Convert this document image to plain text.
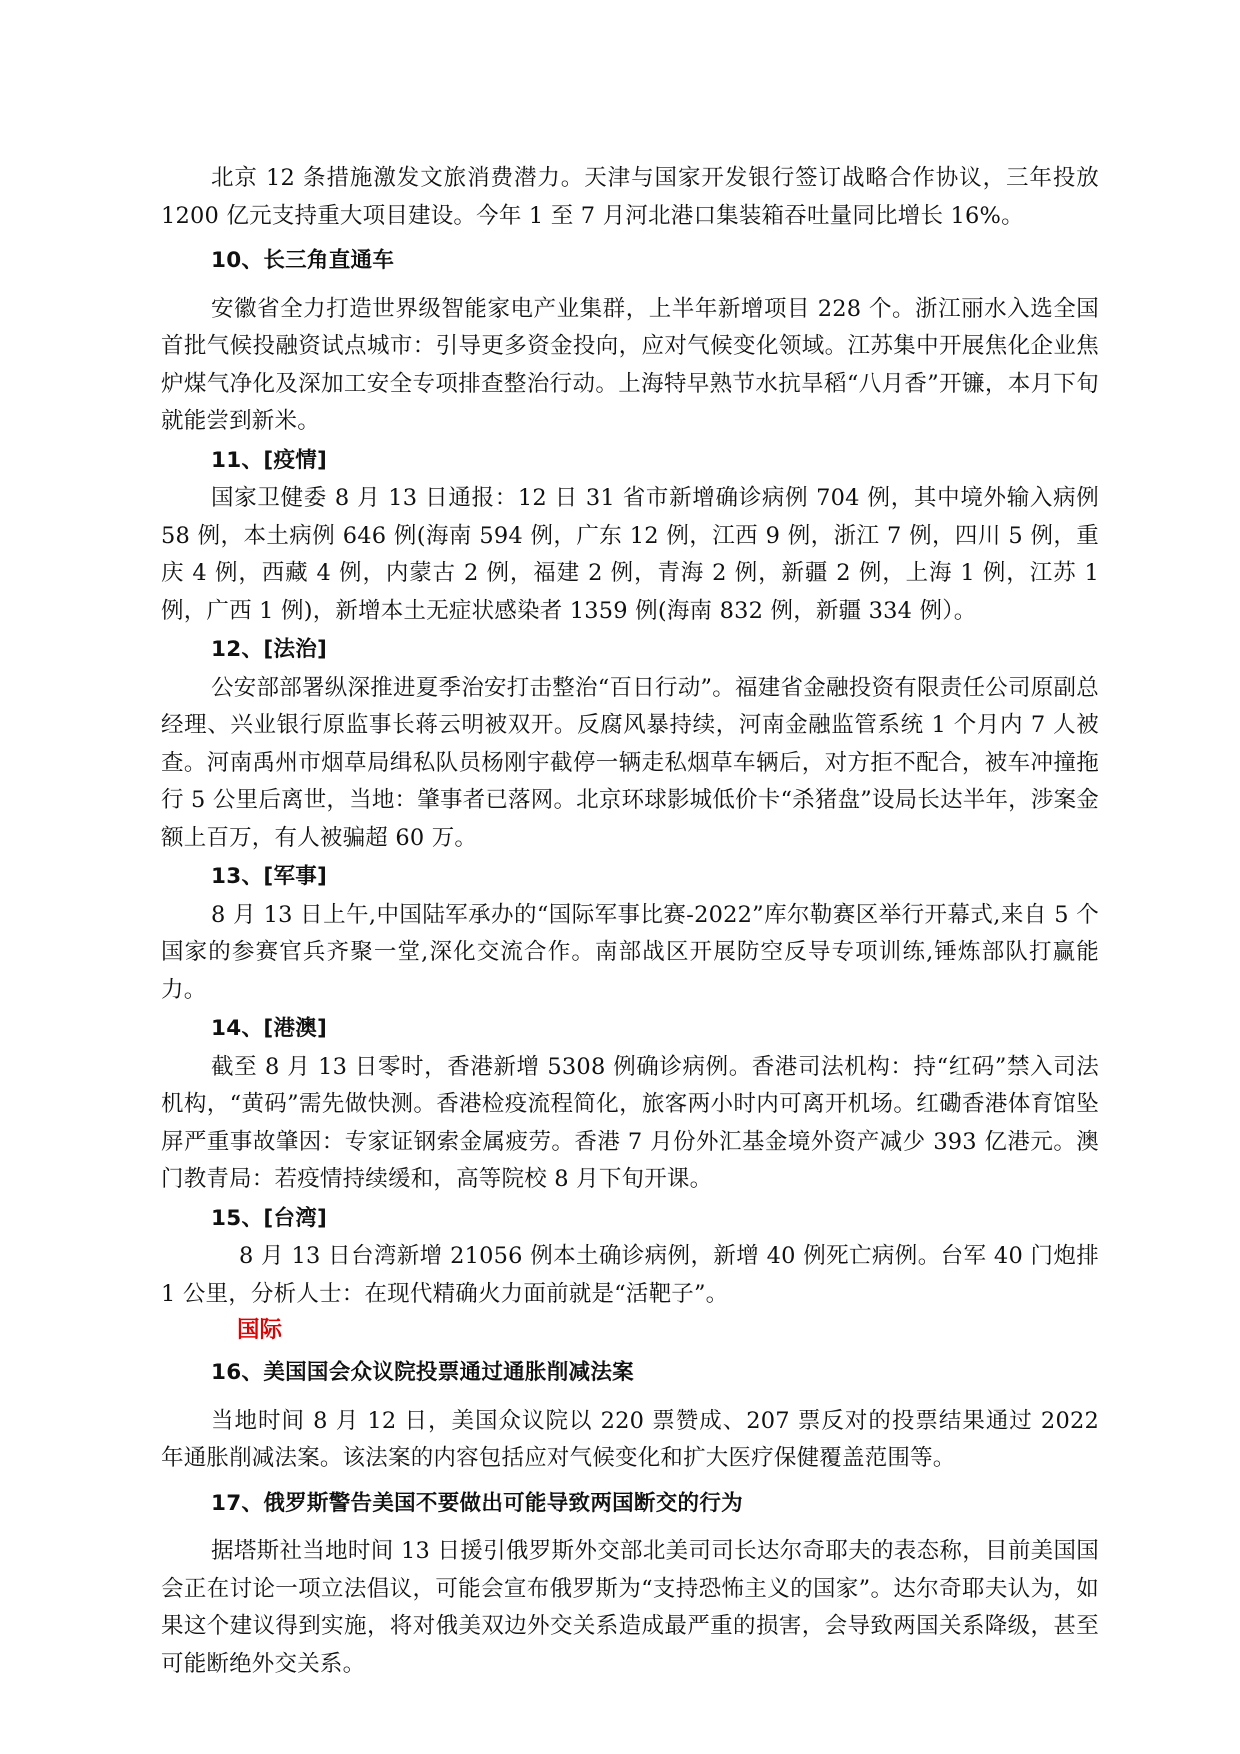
北京 12 条措施激发文旅消费潜力。天津与国家开发银行签订战略合作协议，三年投放 1200 亿元支持重大项目建设。今年 1 至 7 月河北港口集装箱吞吐量同比增长 16%。

10、长三角直通车

安徽省全力打造世界级智能家电产业集群，上半年新增项目 228 个。浙江丽水入选全国首批气候投融资试点城市：引导更多资金投向，应对气候变化领域。江苏集中开展焦化企业焦炉煤气净化及深加工安全专项排查整治行动。上海特早熟节水抗旱稻“八月香”开镰，本月下旬就能尝到新米。

11、[疫情]

国家卫健委 8 月 13 日通报：12 日 31 省市新增确诊病例 704 例，其中境外输入病例 58 例，本土病例 646 例(海南 594 例，广东 12 例，江西 9 例，浙江 7 例，四川 5 例，重庆 4 例，西藏 4 例，内蒙古 2 例，福建 2 例，青海 2 例，新疆 2 例，上海 1 例，江苏 1 例，广西 1 例)，新增本土无症状感染者 1359 例(海南 832 例，新疆 334 例）。

12、[法治]

公安部部署纵深推进夏季治安打击整治“百日行动”。福建省金融投资有限责任公司原副总经理、兴业银行原监事长蒋云明被双开。反腐风暴持续，河南金融监管系统 1 个月内 7 人被查。河南禹州市烟草局缉私队员杨刚宇截停一辆走私烟草车辆后，对方拒不配合，被车冲撞拖行 5 公里后离世，当地：肇事者已落网。北京环球影城低价卡“杀猪盘”设局长达半年，涉案金额上百万，有人被骗超 60 万。

13、[军事]

8 月 13 日上午,中国陆军承办的“国际军事比赛-2022”库尔勒赛区举行开幕式,来自 5 个国家的参赛官兵齐聚一堂,深化交流合作。南部战区开展防空反导专项训练,锤炼部队打赢能力。

14、[港澳]

截至 8 月 13 日零时，香港新增 5308 例确诊病例。香港司法机构：持“红码”禁入司法机构，“黄码”需先做快测。香港检疫流程简化，旅客两小时内可离开机场。红磡香港体育馆坠屏严重事故肇因：专家证钢索金属疲劳。香港 7 月份外汇基金境外资产减少 393 亿港元。澳门教青局：若疫情持续缓和，高等院校 8 月下旬开课。

15、[台湾]

8 月 13 日台湾新增 21056 例本土确诊病例，新增 40 例死亡病例。台军 40 门炮排 1 公里，分析人士：在现代精确火力面前就是“活靶子”。

国际
16、美国国会众议院投票通过通胀削减法案

当地时间 8 月 12 日，美国众议院以 220 票赞成、207 票反对的投票结果通过 2022 年通胀削减法案。该法案的内容包括应对气候变化和扩大医疗保健覆盖范围等。

17、俄罗斯警告美国不要做出可能导致两国断交的行为

据塔斯社当地时间 13 日援引俄罗斯外交部北美司司长达尔奇耶夫的表态称，目前美国国会正在讨论一项立法倡议，可能会宣布俄罗斯为“支持恐怖主义的国家”。达尔奇耶夫认为，如果这个建议得到实施，将对俄美双边外交关系造成最严重的损害，会导致两国关系降级，甚至可能断绝外交关系。
